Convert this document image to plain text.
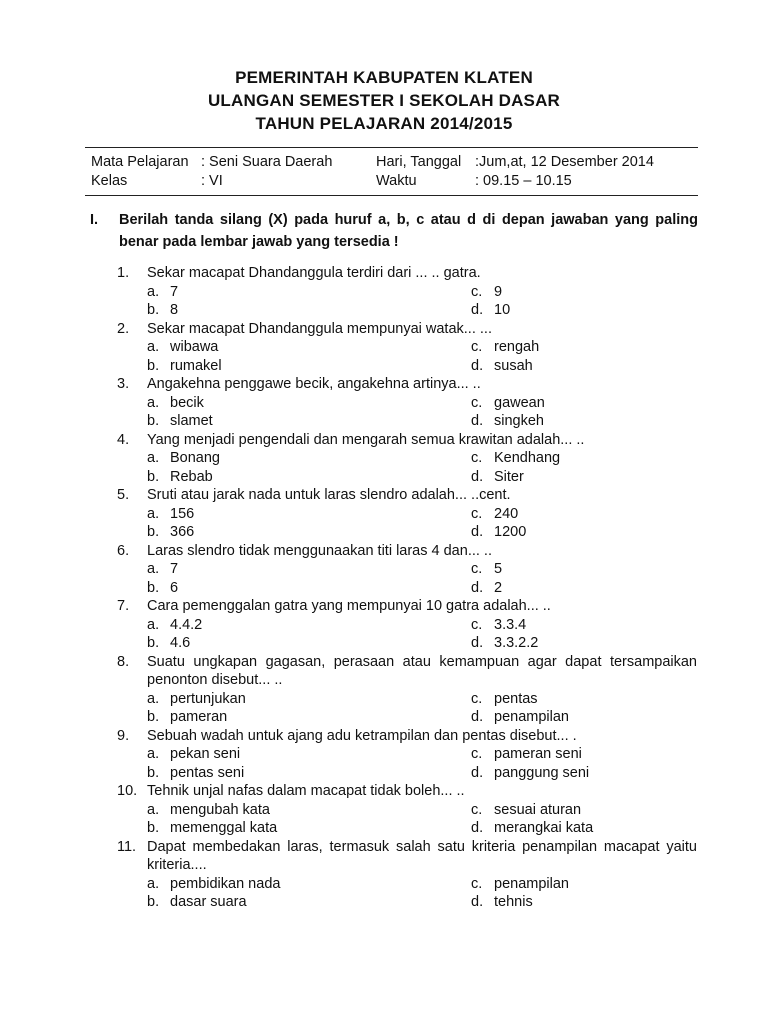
PEMERINTAH KABUPATEN KLATEN
ULANGAN SEMESTER I SEKOLAH DASAR
TAHUN PELAJARAN 2014/2015
Mata Pelajaran : Seni Suara Daerah	Hari, Tanggal :Jum,at, 12 Desember 2014
Kelas	: VI	Waktu	: 09.15 – 10.15
I. Berilah tanda silang (X) pada huruf a, b, c atau d di depan jawaban yang paling benar pada lembar jawab yang tersedia !
1. Sekar macapat Dhandanggula terdiri dari ... .. gatra.
a. 7	c. 9
b. 8	d. 10
2. Sekar macapat Dhandanggula mempunyai watak... ...
a. wibawa	c. rengah
b. rumakel	d. susah
3. Angakehna penggawe becik, angakehna artinya... ..
a. becik	c. gawean
b. slamet	d. singkeh
4. Yang menjadi pengendali dan mengarah semua krawitan adalah... ..
a. Bonang	c. Kendhang
b. Rebab	d. Siter
5. Sruti atau jarak nada untuk laras slendro adalah... ..cent.
a. 156	c. 240
b. 366	d. 1200
6. Laras slendro tidak menggunaakan titi laras 4 dan... ..
a. 7	c. 5
b. 6	d. 2
7. Cara pemenggalan gatra yang mempunyai 10 gatra adalah... ..
a. 4.4.2	c. 3.3.4
b. 4.6	d. 3.3.2.2
8. Suatu ungkapan gagasan, perasaan atau kemampuan agar dapat tersampaikan penonton disebut... ..
a. pertunjukan	c. pentas
b. pameran	d. penampilan
9. Sebuah wadah untuk ajang adu ketrampilan dan pentas disebut... .
a. pekan seni	c. pameran seni
b. pentas seni	d. panggung seni
10. Tehnik unjal nafas dalam macapat tidak boleh... ..
a. mengubah kata	c. sesuai aturan
b. memenggal kata	d. merangkai kata
11. Dapat membedakan laras, termasuk salah satu kriteria penampilan macapat yaitu kriteria....
a. pembidikan nada	c. penampilan
b. dasar suara	d. tehnis
